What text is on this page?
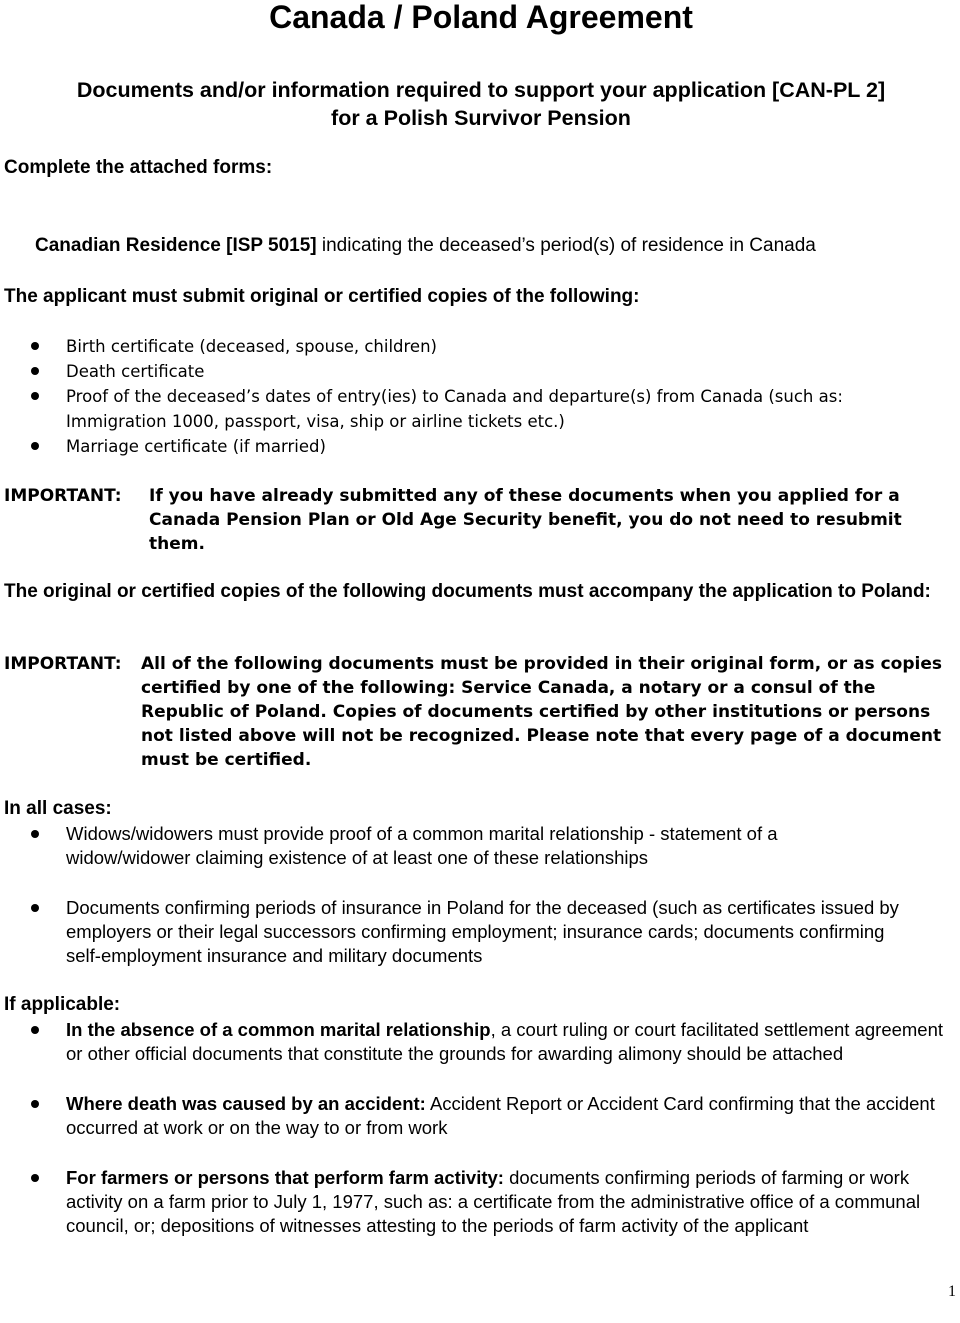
Canada / Poland Agreement
Documents and/or information required to support your application [CAN-PL 2]
for a Polish Survivor Pension
Complete the attached forms:
Canadian Residence [ISP 5015] indicating the deceased’s period(s) of residence in Canada
The applicant must submit original or certified copies of the following:
Birth certificate (deceased, spouse, children)
Death certificate
Proof of the deceased’s dates of entry(ies) to Canada and departure(s) from Canada (such as: Immigration 1000, passport, visa, ship or airline tickets etc.)
Marriage certificate (if married)
IMPORTANT: If you have already submitted any of these documents when you applied for a Canada Pension Plan or Old Age Security benefit, you do not need to resubmit them.
The original or certified copies of the following documents must accompany the application to Poland:
IMPORTANT: All of the following documents must be provided in their original form, or as copies certified by one of the following: Service Canada, a notary or a consul of the Republic of Poland. Copies of documents certified by other institutions or persons not listed above will not be recognized. Please note that every page of a document must be certified.
In all cases:
Widows/widowers must provide proof of a common marital relationship - statement of a widow/widower claiming existence of at least one of these relationships
Documents confirming periods of insurance in Poland for the deceased (such as certificates issued by employers or their legal successors confirming employment; insurance cards; documents confirming self-employment insurance and military documents
If applicable:
In the absence of a common marital relationship, a court ruling or court facilitated settlement agreement or other official documents that constitute the grounds for awarding alimony should be attached
Where death was caused by an accident: Accident Report or Accident Card confirming that the accident occurred at work or on the way to or from work
For farmers or persons that perform farm activity: documents confirming periods of farming or work activity on a farm prior to July 1, 1977, such as: a certificate from the administrative office of a communal council, or; depositions of witnesses attesting to the periods of farm activity of the applicant
1
